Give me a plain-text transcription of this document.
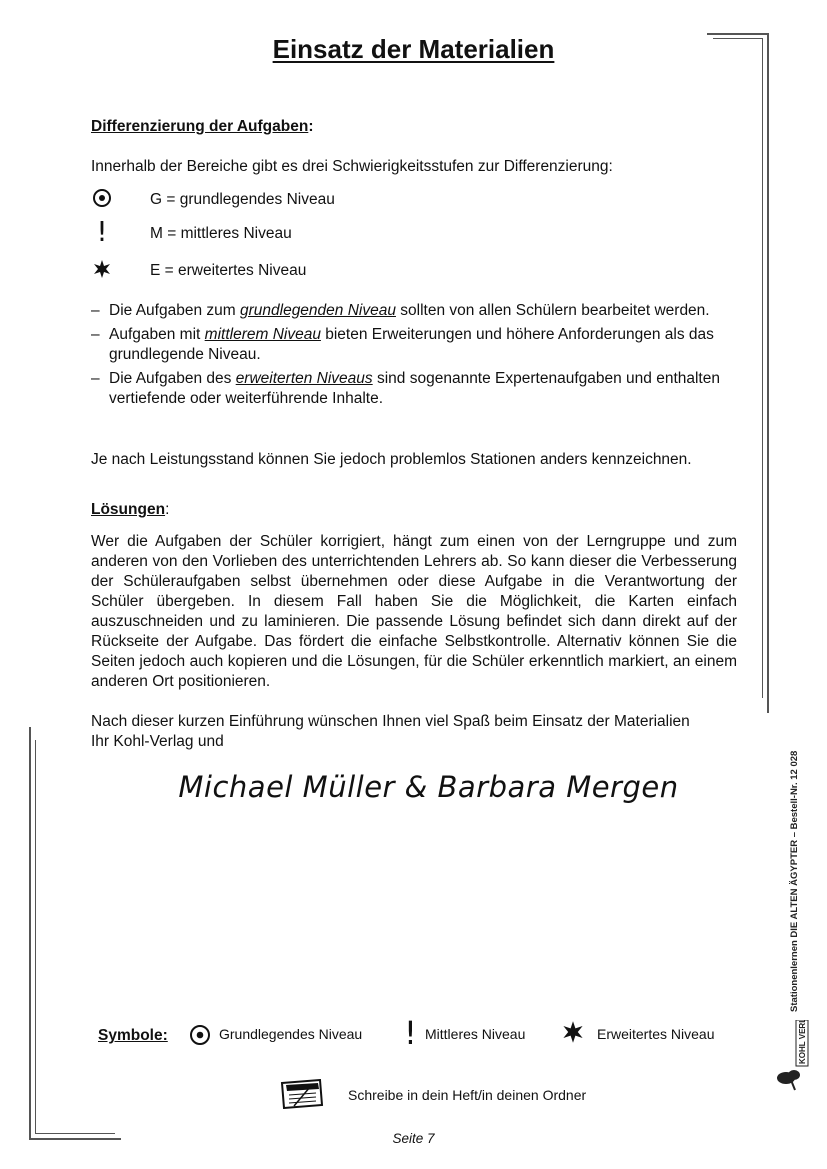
Einsatz der Materialien
Differenzierung der Aufgaben:
Innerhalb der Bereiche gibt es drei Schwierigkeitsstufen zur Differenzierung:
G = grundlegendes Niveau
!	M = mittleres Niveau
E = erweitertes Niveau
– Die Aufgaben zum grundlegenden Niveau sollten von allen Schülern bearbeitet werden.
– Aufgaben mit mittlerem Niveau bieten Erweiterungen und höhere Anforderungen als das grundlegende Niveau.
– Die Aufgaben des erweiterten Niveaus sind sogenannte Expertenaufgaben und enthalten vertiefende oder weiterführende Inhalte.
Je nach Leistungsstand können Sie jedoch problemlos Stationen anders kennzeichnen.
Lösungen:
Wer die Aufgaben der Schüler korrigiert, hängt zum einen von der Lerngruppe und zum anderen von den Vorlieben des unterrichtenden Lehrers ab. So kann dieser die Verbesserung der Schüleraufgaben selbst übernehmen oder diese Aufgabe in die Verantwortung der Schüler übergeben. In diesem Fall haben Sie die Möglichkeit, die Karten einfach auszuschneiden und zu laminieren. Die passende Lösung befindet sich dann direkt auf der Rückseite der Aufgabe. Das fördert die einfache Selbstkontrolle. Alternativ können Sie die Seiten jedoch auch kopieren und die Lösungen, für die Schüler erkenntlich markiert, an einem anderen Ort positionieren.
Nach dieser kurzen Einführung wünschen Ihnen viel Spaß beim Einsatz der Materialien
Ihr Kohl-Verlag und
Michael Müller & Barbara Mergen
Symbole:	Grundlegendes Niveau ! Mittleres Niveau	Erweitertes Niveau
Schreibe in dein Heft/in deinen Ordner
Seite 7
Stationenlernen DIE ALTEN ÄGYPTER – Bestell-Nr. 12 028
KOHL VERLAG
